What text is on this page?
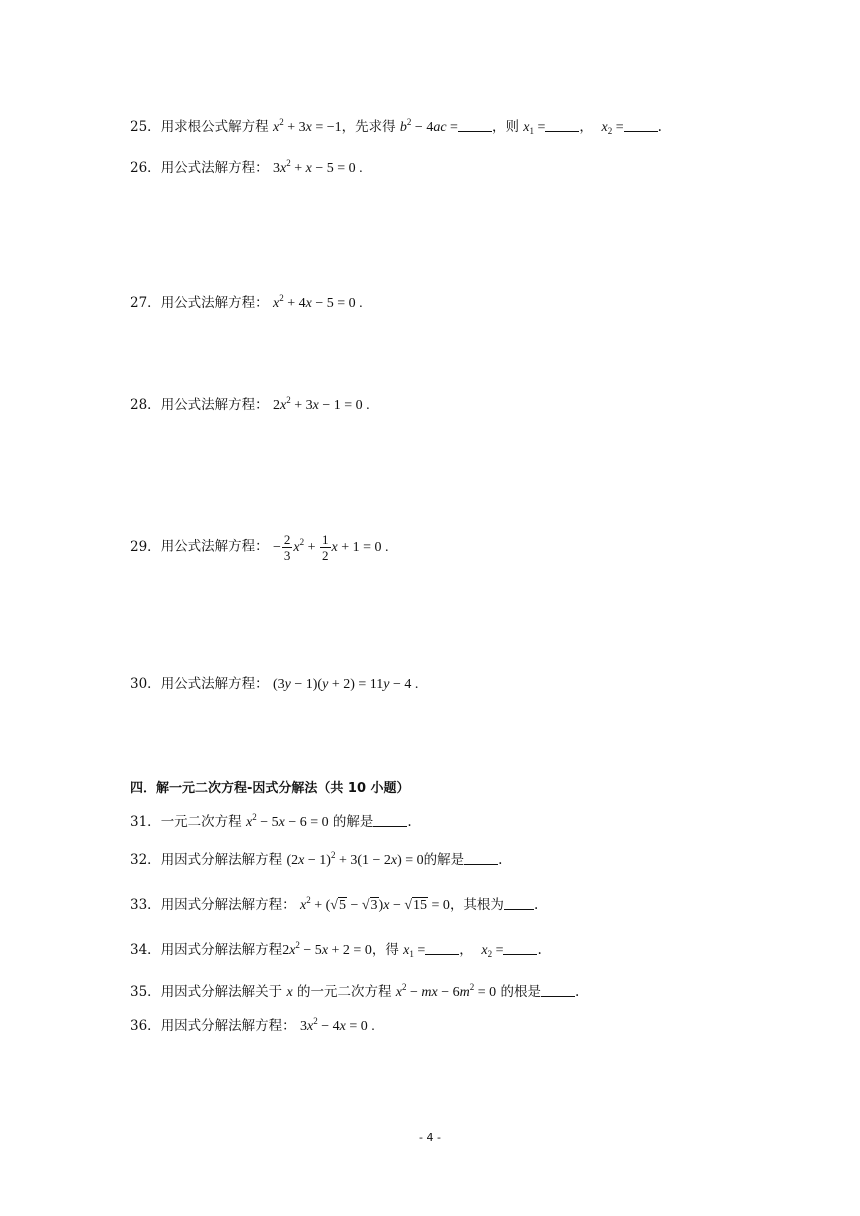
25．用求根公式解方程 $x^2 + 3x = -1$，先求得 $b^2 - 4ac$ =	，则 $x_1$ =	，  $x_2$ =	.
26．用公式法解方程： $3x^2 + x - 5 = 0$ .
27．用公式法解方程： $x^2 + 4x - 5 = 0$ .
28．用公式法解方程： $2x^2 + 3x - 1 = 0$ .
29．用公式法解方程： − $\frac{2}{3} x^2 + \frac{1}{2}$ x + 1 = 0 .
30．用公式法解方程： (3y − 1)(y + 2) = 11y − 4 .
四．解一元二次方程-因式分解法（共 10 小题）
31．一元二次方程 $x^2 - 5x - 6 = 0$ 的解是	.
32．用因式分解法解方程 $(2x - 1)^2 + 3(1 - 2x) = 0$的解是	.
33．用因式分解法解方程： $x^2 + (√5 - √3)x - √15 = 0$，其根为 .
34．用因式分解法解方程$2x^2 - 5x + 2 = 0$，得 $x_1$ =	，  $x_2$ =	.
35．用因式分解法解关于 x 的一元二次方程 $x^2$ − mx − $6m^2 = 0$ 的根是	.
36．用因式分解法解方程： $3x^2 - 4x = 0$ .
- 4 -
